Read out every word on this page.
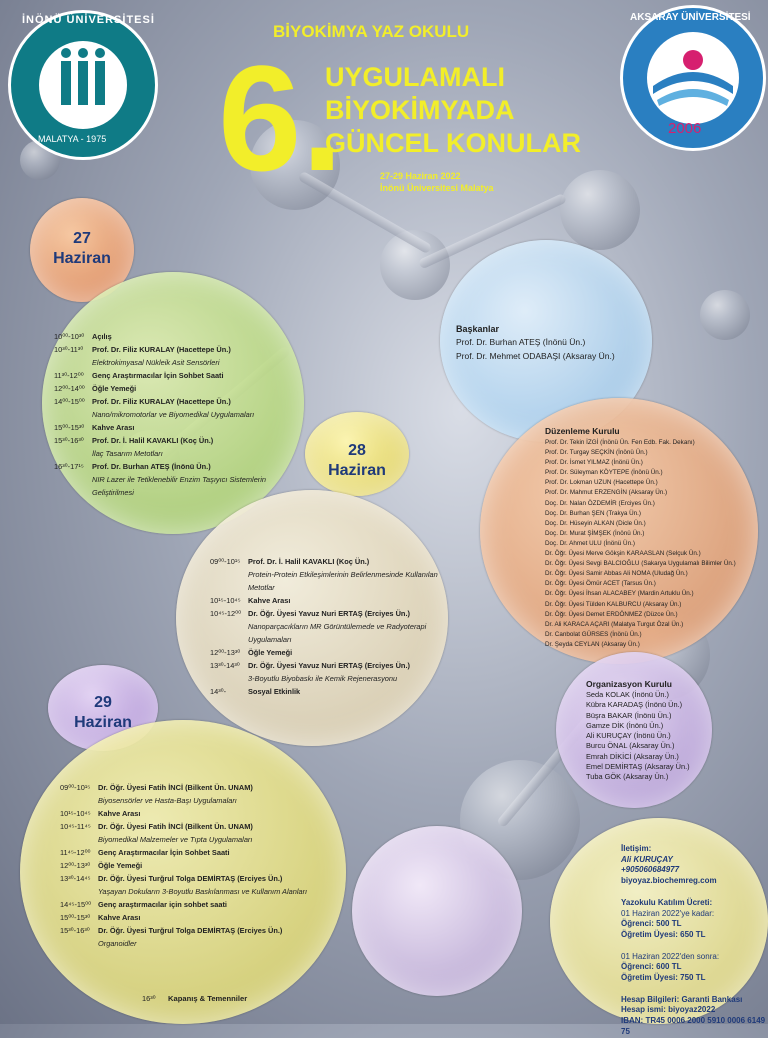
İNÖNÜ ÜNİVERSİTESİ
MALATYA - 1975
AKSARAY ÜNİVERSİTESİ
2006
BİYOKİMYA YAZ OKULU
6.
UYGULAMALI
BİYOKİMYADA
GÜNCEL KONULAR
27-29 Haziran 2022
İnönü Üniversitesi Malatya
27
Haziran
28
Haziran
29
Haziran
10⁰⁰-10³⁰	Açılış
10³⁰-11³⁰	Prof. Dr. Filiz KURALAY (Hacettepe Ün.)
Elektrokimyasal Nükleik Asit Sensörleri
11³⁰-12⁰⁰	Genç Araştırmacılar İçin Sohbet Saati
12⁰⁰-14⁰⁰ Öğle Yemeği
14⁰⁰-15⁰⁰ Prof. Dr. Filiz KURALAY (Hacettepe Ün.)
Nano/mikromotorlar ve Biyomedikal Uygulamaları
15⁰⁰-15³⁰	Kahve Arası
15³⁰-16³⁰	Prof. Dr. İ. Halil KAVAKLI (Koç Ün.)
İlaç Tasarım Metotları
16³⁰-17¹⁵	Prof. Dr. Burhan ATEŞ (İnönü Ün.)
NIR Lazer ile Tetiklenebilir Enzim Taşıyıcı Sistemlerin Geliştirilmesi
Başkanlar
Prof. Dr. Burhan ATEŞ (İnönü Ün.)
Prof. Dr. Mehmet ODABAŞI (Aksaray Ün.)
09⁰⁰-10¹⁵	Prof. Dr. İ. Halil KAVAKLI (Koç Ün.)
Protein-Protein Etkileşimlerinin Belirlenmesinde Kullanılan Metotlar
10¹⁵-10⁴⁵ Kahve Arası
10⁴⁵-12⁰⁰ Dr. Öğr. Üyesi Yavuz Nuri ERTAŞ (Erciyes Ün.)
Nanoparçacıkların MR Görüntülemede ve Radyoterapi Uygulamaları
12⁰⁰-13³⁰	Öğle Yemeği
13³⁰-14³⁰	Dr. Öğr. Üyesi Yavuz Nuri ERTAŞ (Erciyes Ün.)
3-Boyutlu Biyobaskı ile Kemik Rejenerasyonu
14³⁰-	Sosyal Etkinlik
Düzenleme Kurulu
Prof. Dr. Tekin İZGİ (İnönü Ün. Fen Edb. Fak. Dekanı)
Prof. Dr. Turgay SEÇKİN (İnönü Ün.)
Prof. Dr. İsmet YILMAZ (İnönü Ün.)
Prof. Dr. Süleyman KÖYTEPE (İnönü Ün.)
Prof. Dr. Lokman UZUN (Hacettepe Ün.)
Prof. Dr. Mahmut ERZENGİN (Aksaray Ün.)
Doç. Dr. Nalan ÖZDEMİR (Erciyes Ün.)
Doç. Dr. Burhan ŞEN (Trakya Ün.)
Doç. Dr. Hüseyin ALKAN (Dicle Ün.)
Doç. Dr. Murat ŞİMŞEK (İnönü Ün.)
Doç. Dr. Ahmet ULU (İnönü Ün.)
Dr. Öğr. Üyesi Merve Gökşin KARAASLAN (Selçuk Ün.)
Dr. Öğr. Üyesi Sevgi BALCIOĞLU (Sakarya Uygulamalı Bilimler Ün.)
Dr. Öğr. Üyesi Samir Abbas Ali NOMA (Uludağ Ün.)
Dr. Öğr. Üyesi Ömür ACET (Tarsus Ün.)
Dr. Öğr. Üyesi İhsan ALACABEY (Mardin Artuklu Ün.)
Dr. Öğr. Üyesi Tülden KALBURCU (Aksaray Ün.)
Dr. Öğr. Üyesi Demet ERDÖNMEZ (Düzce Ün.)
Dr. Ali KARACA AÇARI (Malatya Turgut Özal Ün.)
Dr. Canbolat GÜRSES (İnönü Ün.)
Dr. Şeyda CEYLAN (Aksaray Ün.)
Organizasyon Kurulu
Seda KOLAK (İnönü Ün.)
Kübra KARADAŞ (İnönü Ün.)
Büşra BAKAR (İnönü Ün.)
Gamze DİK (İnönü Ün.)
Ali KURUÇAY (İnönü Ün.)
Burcu ÖNAL (Aksaray Ün.)
Emrah DİKİCİ (Aksaray Ün.)
Emel DEMİRTAŞ (Aksaray Ün.)
Tuba GÖK (Aksaray Ün.)
09⁰⁰-10¹⁵	Dr. Öğr. Üyesi Fatih İNCİ (Bilkent Ün. UNAM)
Biyosensörler ve Hasta-Başı Uygulamaları
10¹⁵-10⁴⁵ Kahve Arası
10⁴⁵-11⁴⁵ Dr. Öğr. Üyesi Fatih İNCİ (Bilkent Ün. UNAM)
Biyomedikal Malzemeler ve Tıpta Uygulamaları
11⁴⁵-12⁰⁰	Genç Araştırmacılar İçin Sohbet Saati
12⁰⁰-13³⁰	Öğle Yemeği
13³⁰-14⁴⁵	Dr. Öğr. Üyesi Turğrul Tolga DEMİRTAŞ (Erciyes Ün.)
Yaşayan Dokuların 3-Boyutlu Baskılanması ve Kullanım Alanları
14⁴⁵-15⁰⁰ Genç araştırmacılar için sohbet saati
15⁰⁰-15³⁰	Kahve Arası
15³⁰-16³⁰	Dr. Öğr. Üyesi Turğrul Tolga DEMİRTAŞ (Erciyes Ün.)
Organoidler
16³⁰ Kapanış & Temenniler
İletişim:
Ali KURUÇAY
+905060684977
biyoyaz.biochemreg.com
Yazokulu Katılım Ücreti:
01 Haziran 2022'ye kadar:
Öğrenci: 500 TL
Öğretim Üyesi: 650 TL
01 Haziran 2022'den sonra:
Öğrenci: 600 TL
Öğretim Üyesi: 750 TL
Hesap Bilgileri: Garanti Bankası
Hesap ismi: biyoyaz2022
IBAN: TR45 0006 2000 5910 0006 6149 75
